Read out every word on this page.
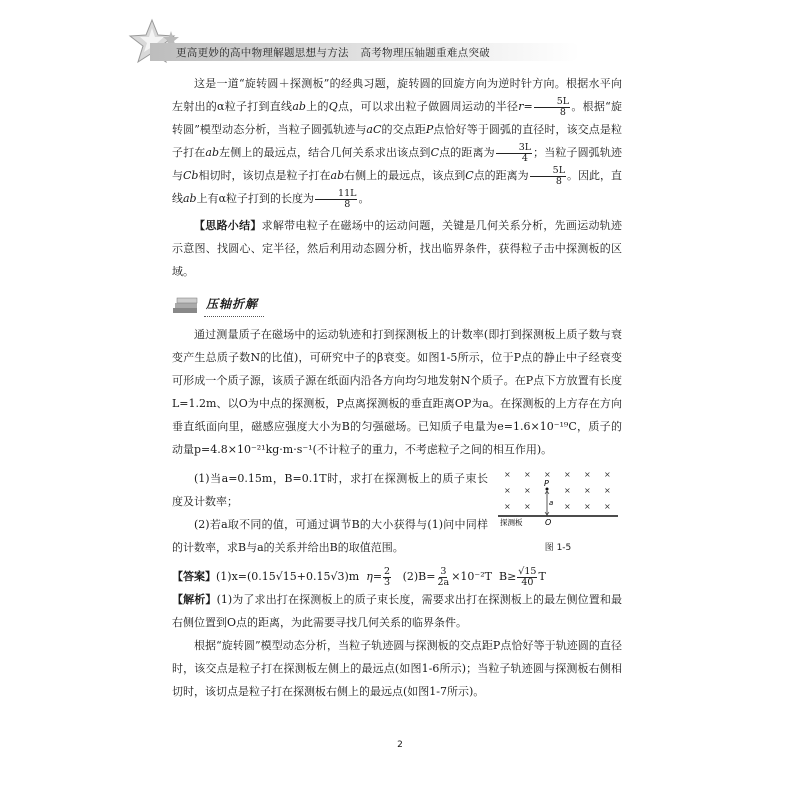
更高更妙的高中物理解题思想与方法 高考物理压轴题重难点突破

这是一道“旋转圆＋探测板”的经典习题，旋转圆的回旋方向为逆时针方向。根据水平向左射出的α粒子打到直线ab上的Q点，可以求出粒子做圆周运动的半径$r= \frac{5L}{8}$ 。根据“旋转圆”模型动态分析，当粒子圆弧轨迹与aC的交点距P点恰好等于圆弧的直径时，该交点是粒子打在ab左侧上的最远点，结合几何关系求出该点到C点的距离为 $\frac{3L}{4}$ ；当粒子圆弧轨迹与Cb相切时，该切点是粒子打在ab右侧上的最远点，该点到C点的距离为 $\frac{5L}{8}$ 。因此，直线ab上有α粒子打到的长度为 $\frac{11L}{8}$ 。

【思路小结】求解带电粒子在磁场中的运动问题，关键是几何关系分析，先画运动轨迹示意图、找圆心、定半径，然后利用动态圆分析，找出临界条件，获得粒子击中探测板的区域。

压轴折解

通过测量质子在磁场中的运动轨迹和打到探测板上的计数率(即打到探测板上质子数与衰变产生总质子数N的比值)，可研究中子的β衰变。如图1-5所示，位于P点的静止中子经衰变可形成一个质子源，该质子源在纸面内沿各方向均匀地发射N个质子。在P点下方放置有长度L=1.2m、以O为中点的探测板，P点离探测板的垂直距离OP为a。在探测板的上方存在方向垂直纸面向里，磁感应强度大小为B的匀强磁场。已知质子电量为e=1.6×10⁻¹⁹C，质子的动量p=4.8×10⁻²¹kg·m·s⁻¹(不计粒子的重力，不考虑粒子之间的相互作用)。

(1)当a=0.15m，B=0.1T时，求打在探测板上的质子束长度及计数率；

(2)若a取不同的值，可通过调节B的大小获得与(1)问中同样的计数率，求B与a的关系并给出B的取值范围。

× × × × × ×
× ×	× × ×
× ×	× × ×
P
a
O
探测板
图 1-5

【答案】(1)x=(0.15√15+0.15√3)m $\eta= \frac{2}{3} (2)B= \frac{3}{2a} \times 10^{-2}T$ $B\ge \frac{√15}{40}$ T

【解析】(1)为了求出打在探测板上的质子束长度，需要求出打在探测板上的最左侧位置和最右侧位置到O点的距离，为此需要寻找几何关系的临界条件。

根据“旋转圆”模型动态分析，当粒子轨迹圆与探测板的交点距P点恰好等于轨迹圆的直径时，该交点是粒子打在探测板左侧上的最远点(如图1-6所示)；当粒子轨迹圆与探测板右侧相切时，该切点是粒子打在探测板右侧上的最远点(如图1-7所示)。

2
